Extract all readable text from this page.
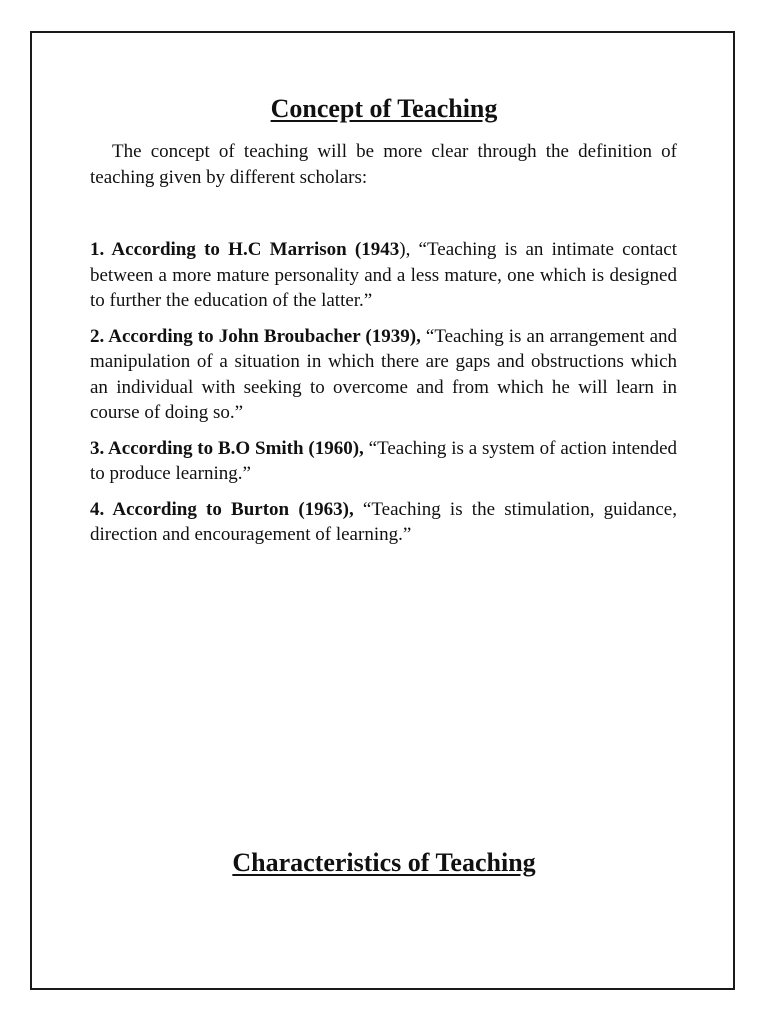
Concept of Teaching

The concept of teaching will be more clear through the definition of teaching given by different scholars:

1. According to H.C Marrison (1943), “Teaching is an intimate contact between a more mature personality and a less mature, one which is designed to further the education of the latter.”
2. According to John Broubacher (1939), “Teaching is an arrangement and manipulation of a situation in which there are gaps and obstructions which an individual with seeking to overcome and from which he will learn in course of doing so.”
3. According to B.O Smith (1960), “Teaching is a system of action intended to produce learning.”
4. According to Burton (1963), “Teaching is the stimulation, guidance, direction and encouragement of learning.”
Characteristics of Teaching
